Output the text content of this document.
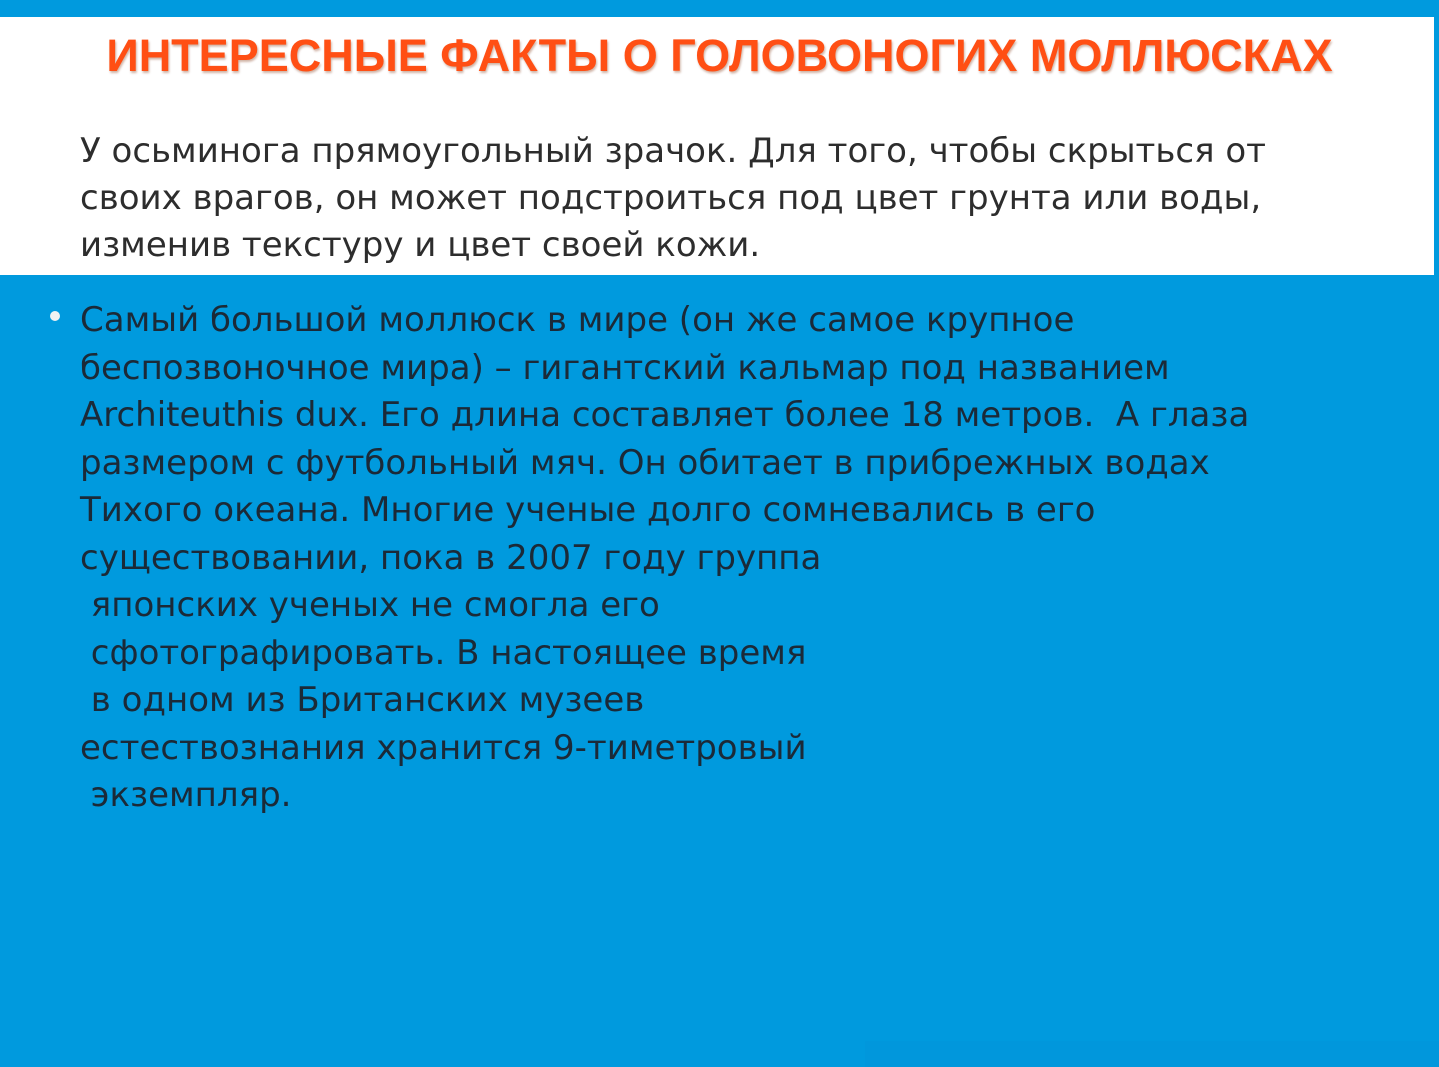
ИНТЕРЕСНЫЕ ФАКТЫ О ГОЛОВОНОГИХ МОЛЛЮСКАХ

У осьминога прямоугольный зрачок. Для того, чтобы скрыться от
своих врагов, он может подстроиться под цвет грунта или воды,
изменив текстуру и цвет своей кожи.

Самый большой моллюск в мире (он же самое крупное
беспозвоночное мира) – гигантский кальмар под названием
Architeuthis dux. Его длина составляет более 18 метров.  А глаза
размером с футбольный мяч. Он обитает в прибрежных водах
Тихого океана. Многие ученые долго сомневались в его
существовании, пока в 2007 году группа
японских ученых не смогла его
сфотографировать. В настоящее время
в одном из Британских музеев
естествознания хранится 9-тиметровый
экземпляр.
